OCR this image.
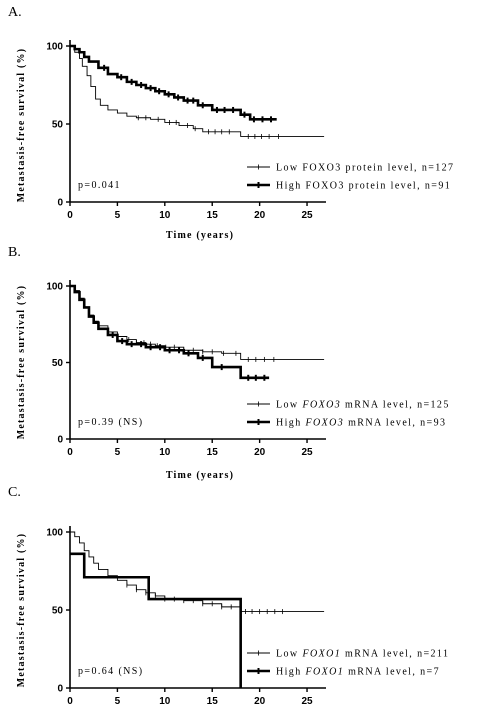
A.
0
50
100
0	5	10	15	20	25
Metastasis-free survival (%)
Time (years)
p=0.041
Low FOXO3 protein level, n=127
High FOXO3 protein level, n=91
B.
0
50
100
0	5	10	15	20	25
Metastasis-free survival (%)
Time (years)
p=0.39 (NS)
Low FOXO3 mRNA level, n=125
High FOXO3 mRNA level, n=93
C.
0
50
100
0	5	10	15	20	25
Metastasis-free survival (%)	p=0.64 (NS)
Low FOXO1 mRNA level, n=211
High FOXO1 mRNA level, n=7
